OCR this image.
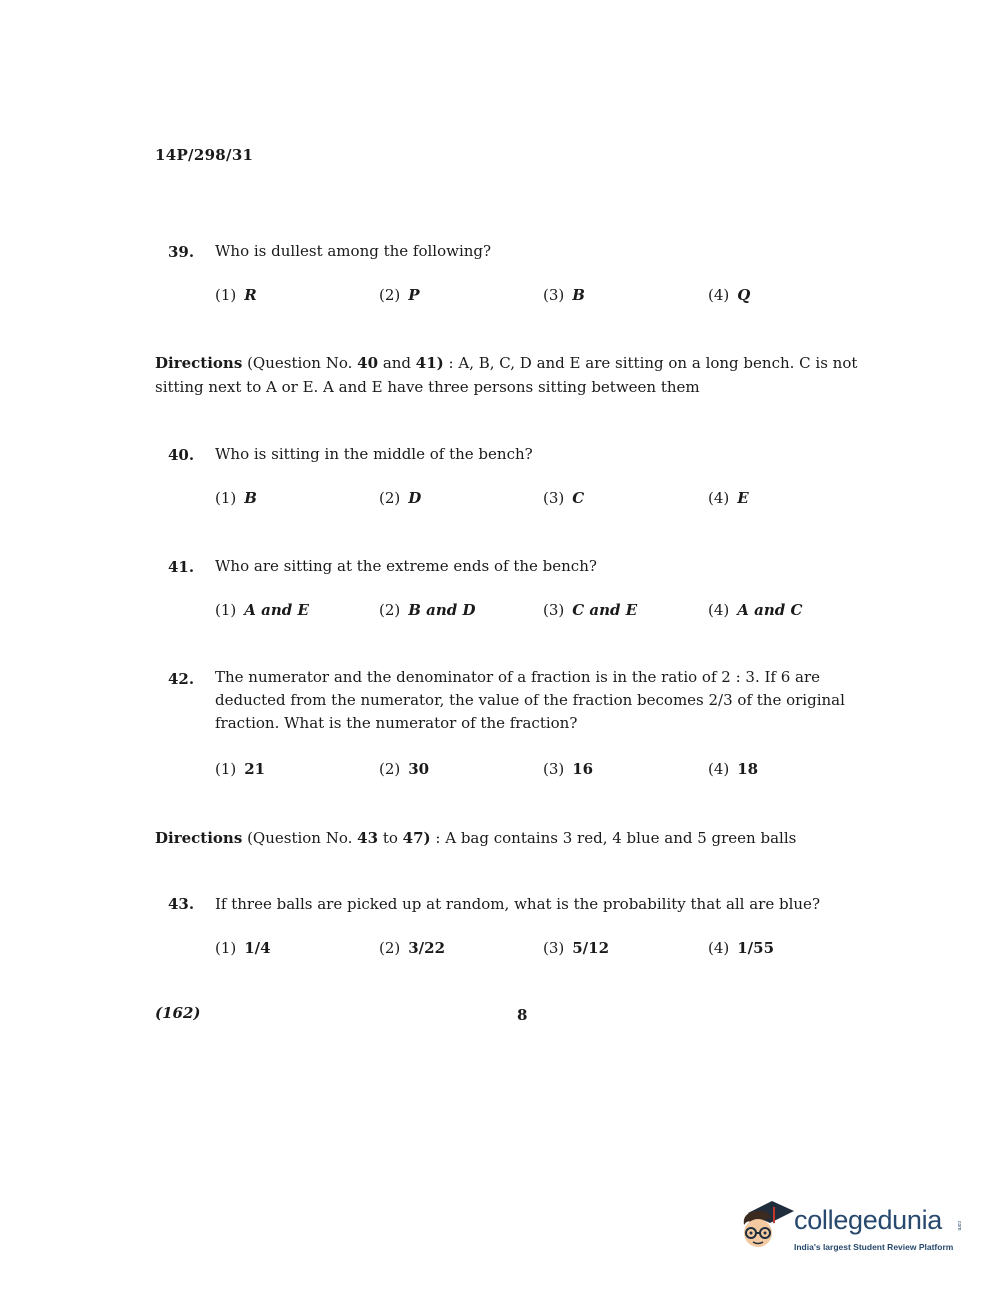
14P/298/31
39. Who is dullest among the following?
(1) R	(2) P	(3) B	(4) Q
Directions (Question No. 40 and 41) : A, B, C, D and E are sitting on a long bench. C is not
sitting next to A or E. A and E have three persons sitting between them
40. Who is sitting in the middle of the bench?
(1) B	(2) D	(3) C	(4) E
41. Who are sitting at the extreme ends of the bench?
(1) A and E	(2) B and D	(3) C and E	(4) A and C
42. The numerator and the denominator of a fraction is in the ratio of 2 : 3. If 6 are
deducted from the numerator, the value of the fraction becomes 2/3 of the original
fraction. What is the numerator of the fraction?
(1) 21	(2) 30	(3) 16	(4) 18
Directions (Question No. 43 to 47) : A bag contains 3 red, 4 blue and 5 green balls
43. If three balls are picked up at random, what is the probability that all are blue?
(1) 1/4	(2) 3/22	(3) 5/12	(4) 1/55
(162)	8
collegedunia	com
India's largest Student Review Platform
